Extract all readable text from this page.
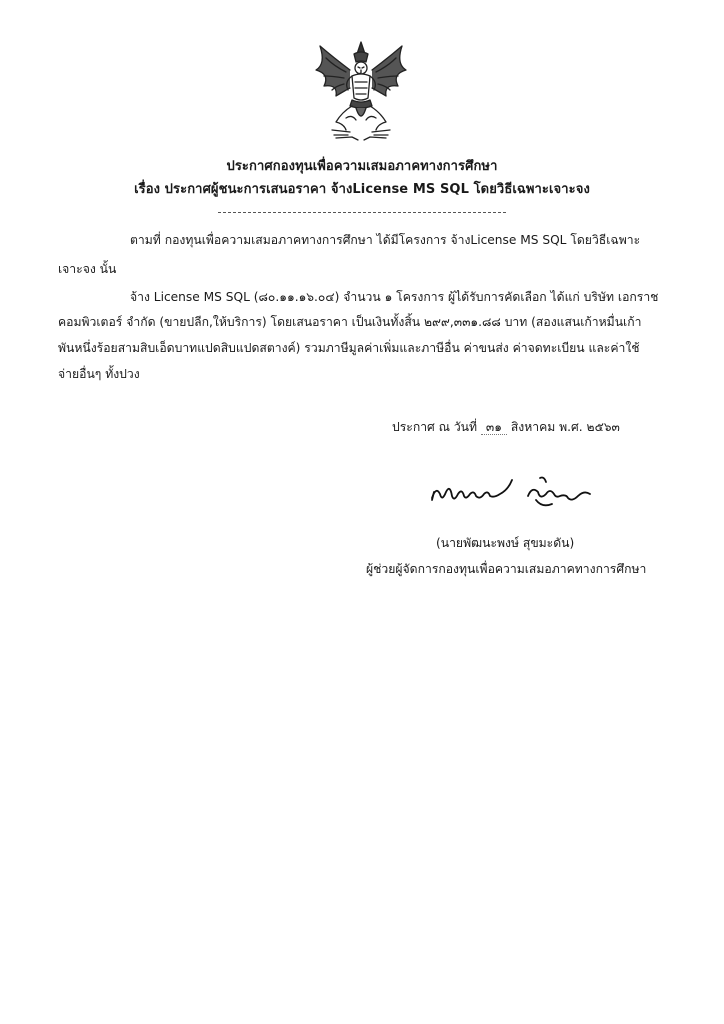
ประกาศกองทุนเพื่อความเสมอภาคทางการศึกษา
เรื่อง ประกาศผู้ชนะการเสนอราคา จ้างLicense MS SQL โดยวิธีเฉพาะเจาะจง
ตามที่ กองทุนเพื่อความเสมอภาคทางการศึกษา ได้มีโครงการ จ้างLicense MS SQL โดยวิธีเฉพาะ
เจาะจง นั้น
จ้าง License MS SQL (๘๐.๑๑.๑๖.๐๔) จำนวน ๑ โครงการ ผู้ได้รับการคัดเลือก ได้แก่ บริษัท เอกราช
คอมพิวเตอร์ จำกัด (ขายปลีก,ให้บริการ) โดยเสนอราคา เป็นเงินทั้งสิ้น ๒๙๙,๓๓๑.๘๘ บาท (สองแสนเก้าหมื่นเก้า
พันหนึ่งร้อยสามสิบเอ็ดบาทแปดสิบแปดสตางค์) รวมภาษีมูลค่าเพิ่มและภาษีอื่น ค่าขนส่ง ค่าจดทะเบียน และค่าใช้
จ่ายอื่นๆ ทั้งปวง
ประกาศ ณ วันที่ ๓๑ สิงหาคม พ.ศ. ๒๕๖๓
(นายพัฒนะพงษ์ สุขมะดัน)
ผู้ช่วยผู้จัดการกองทุนเพื่อความเสมอภาคทางการศึกษา
